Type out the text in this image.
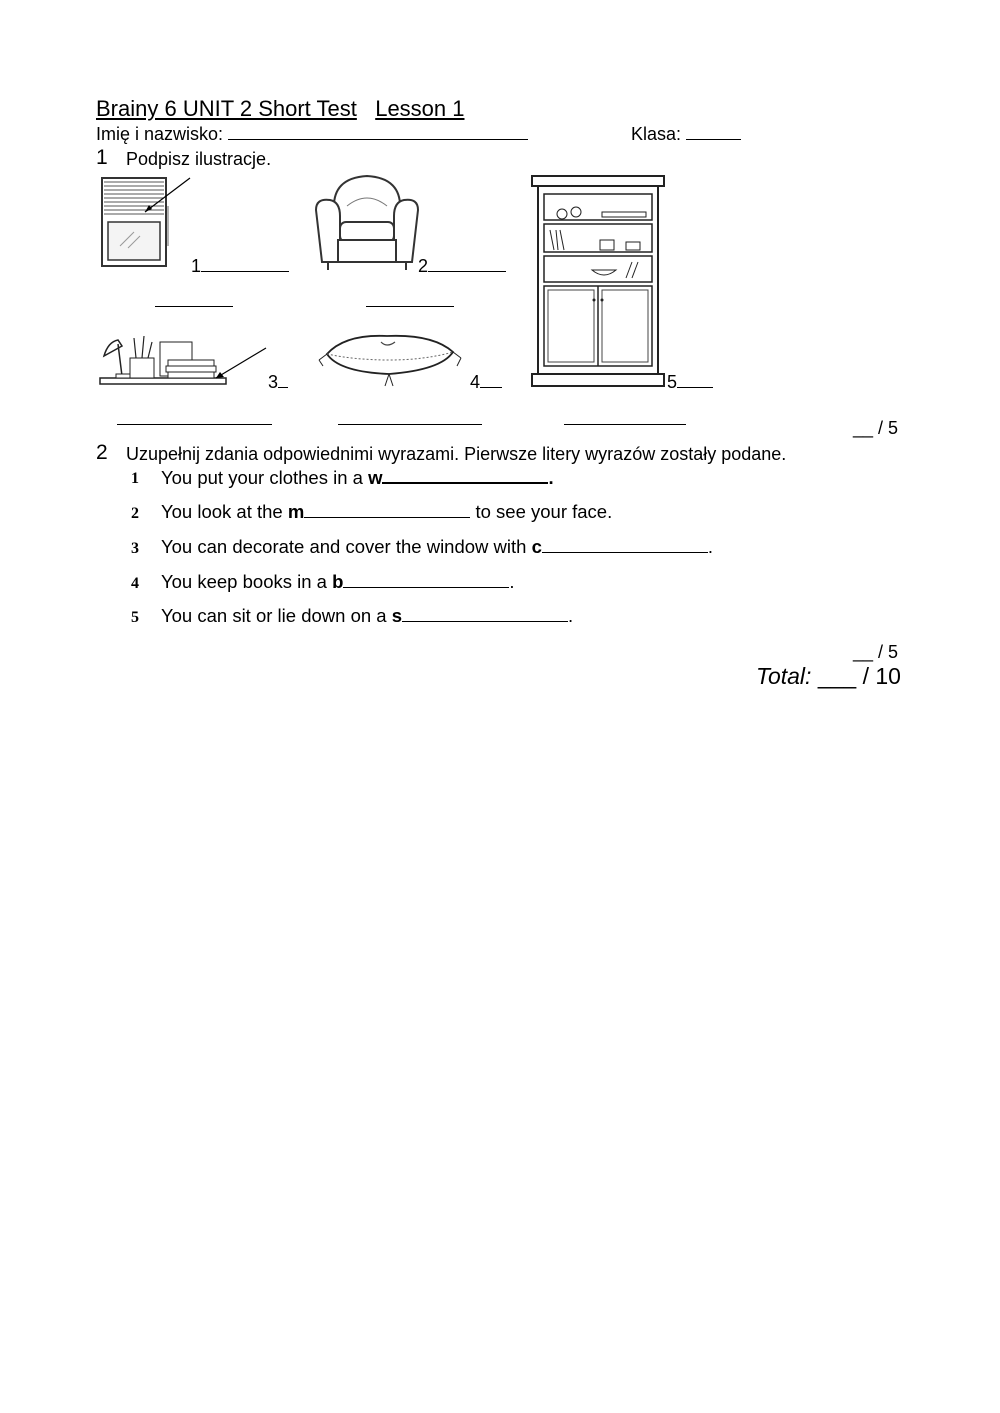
Brainy 6 UNIT 2 Short Test Lesson 1
Imię i nazwisko:	Klasa:
1 Podpisz ilustracje.
1	2
5
3	4
__ / 5
2 Uzupełnij zdania odpowiednimi wyrazami. Pierwsze litery wyrazów zostały podane.
1 You put your clothes in a w	.
2 You look at the m	to see your face.
3 You can decorate and cover the window with c	.
4 You keep books in a b	.
5 You can sit or lie down on a s	.
__ / 5
Total: ___ / 10
